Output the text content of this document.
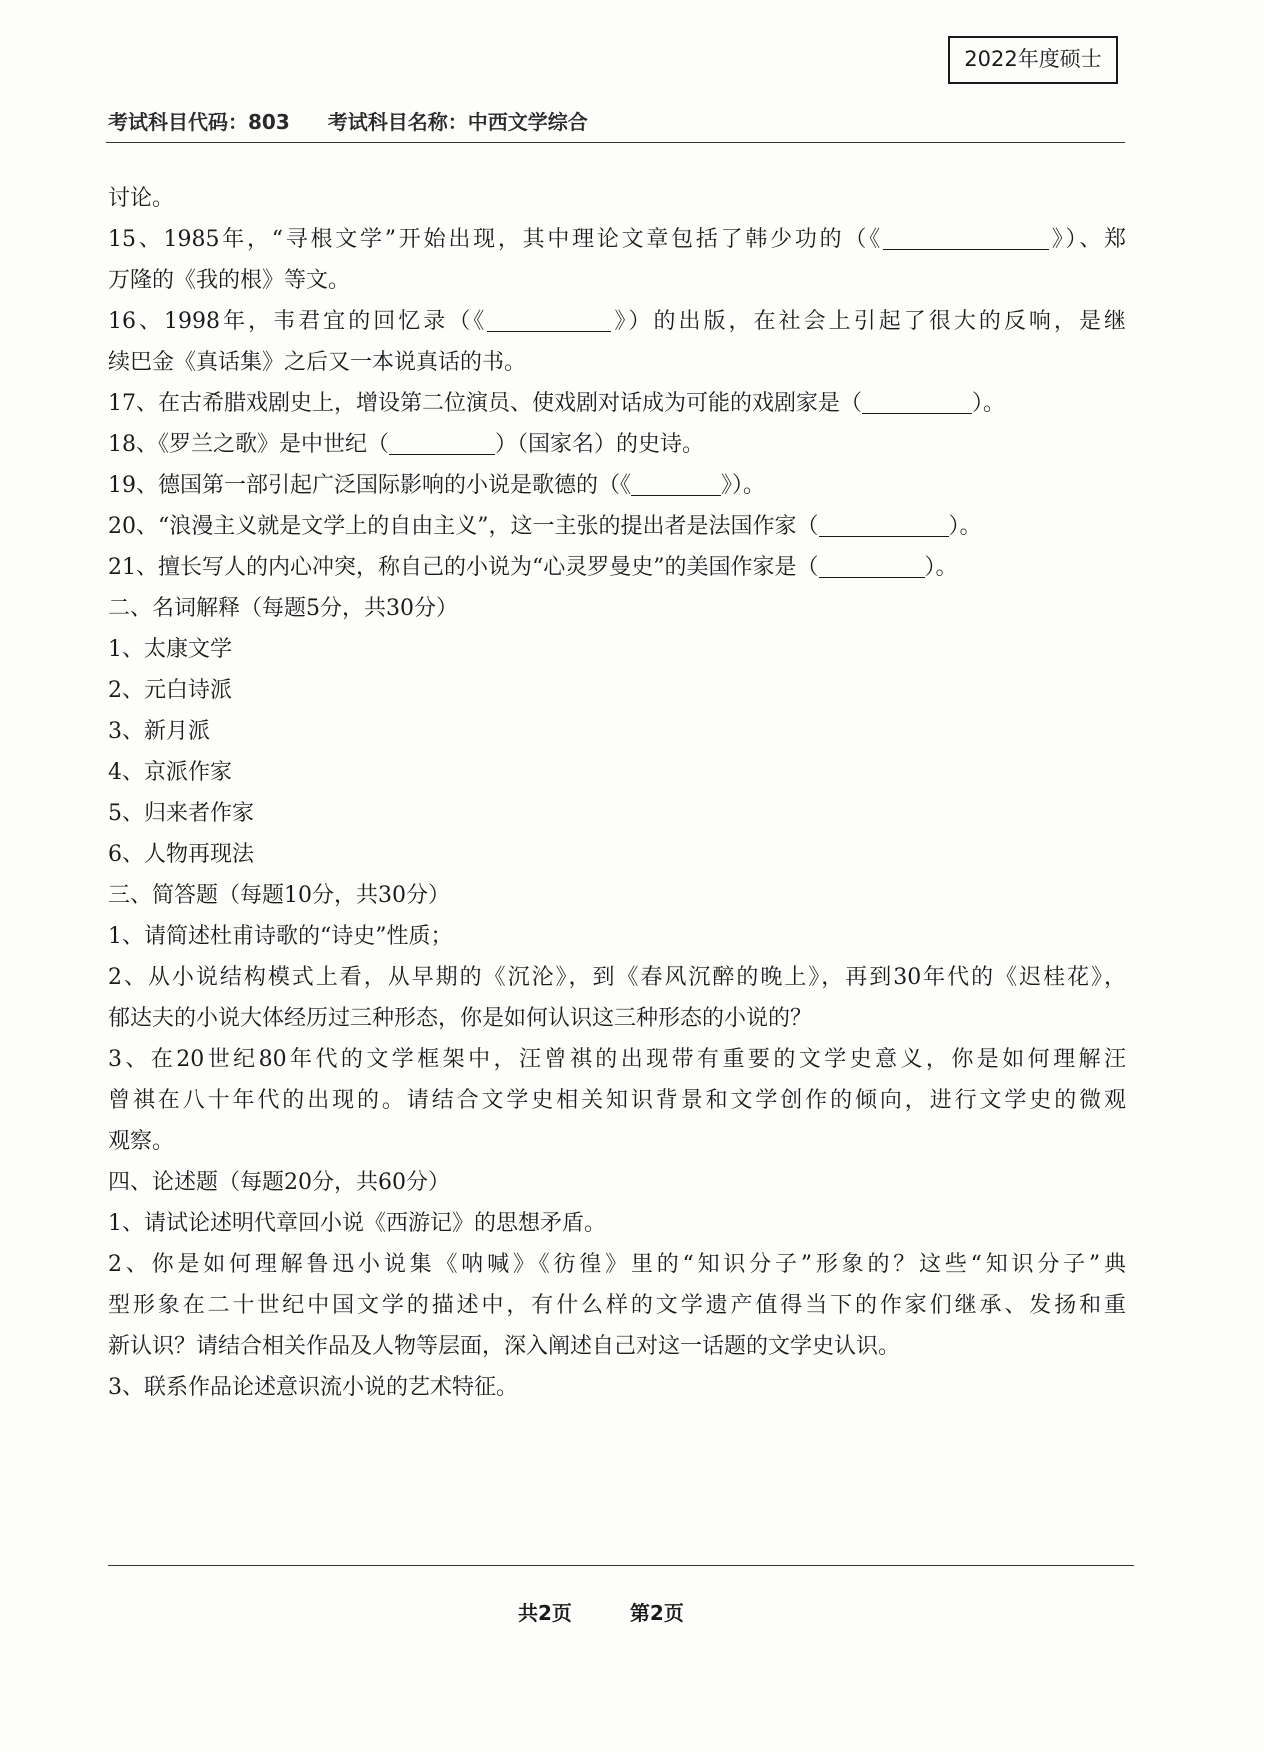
2022年度硕士
考试科目代码：803 考试科目名称：中西文学综合
讨论。
15、1985年，“寻根文学”开始出现，其中理论文章包括了韩少功的（《	》）、郑
万隆的《我的根》等文。
16、1998年，韦君宜的回忆录（《	》）的出版，在社会上引起了很大的反响，是继
续巴金《真话集》之后又一本说真话的书。
17、在古希腊戏剧史上，增设第二位演员、使戏剧对话成为可能的戏剧家是（	）。
18、《罗兰之歌》是中世纪（	）（国家名）的史诗。
19、德国第一部引起广泛国际影响的小说是歌德的（《	》）。
20、“浪漫主义就是文学上的自由主义”，这一主张的提出者是法国作家（	）。
21、擅长写人的内心冲突，称自己的小说为“心灵罗曼史”的美国作家是（	）。
二、名词解释（每题5分，共30分）
1、太康文学
2、元白诗派
3、新月派
4、京派作家
5、归来者作家
6、人物再现法
三、简答题（每题10分，共30分）
1、请简述杜甫诗歌的“诗史”性质；
2、从小说结构模式上看，从早期的《沉沦》，到《春风沉醉的晚上》，再到30年代的《迟桂花》，
郁达夫的小说大体经历过三种形态，你是如何认识这三种形态的小说的？
3、在20世纪80年代的文学框架中，汪曾祺的出现带有重要的文学史意义，你是如何理解汪
曾祺在八十年代的出现的。请结合文学史相关知识背景和文学创作的倾向，进行文学史的微观
观察。
四、论述题（每题20分，共60分）
1、请试论述明代章回小说《西游记》的思想矛盾。
2、你是如何理解鲁迅小说集《呐喊》《彷徨》里的“知识分子”形象的？这些“知识分子”典
型形象在二十世纪中国文学的描述中，有什么样的文学遗产值得当下的作家们继承、发扬和重
新认识？请结合相关作品及人物等层面，深入阐述自己对这一话题的文学史认识。
3、联系作品论述意识流小说的艺术特征。
共2页	第2页
